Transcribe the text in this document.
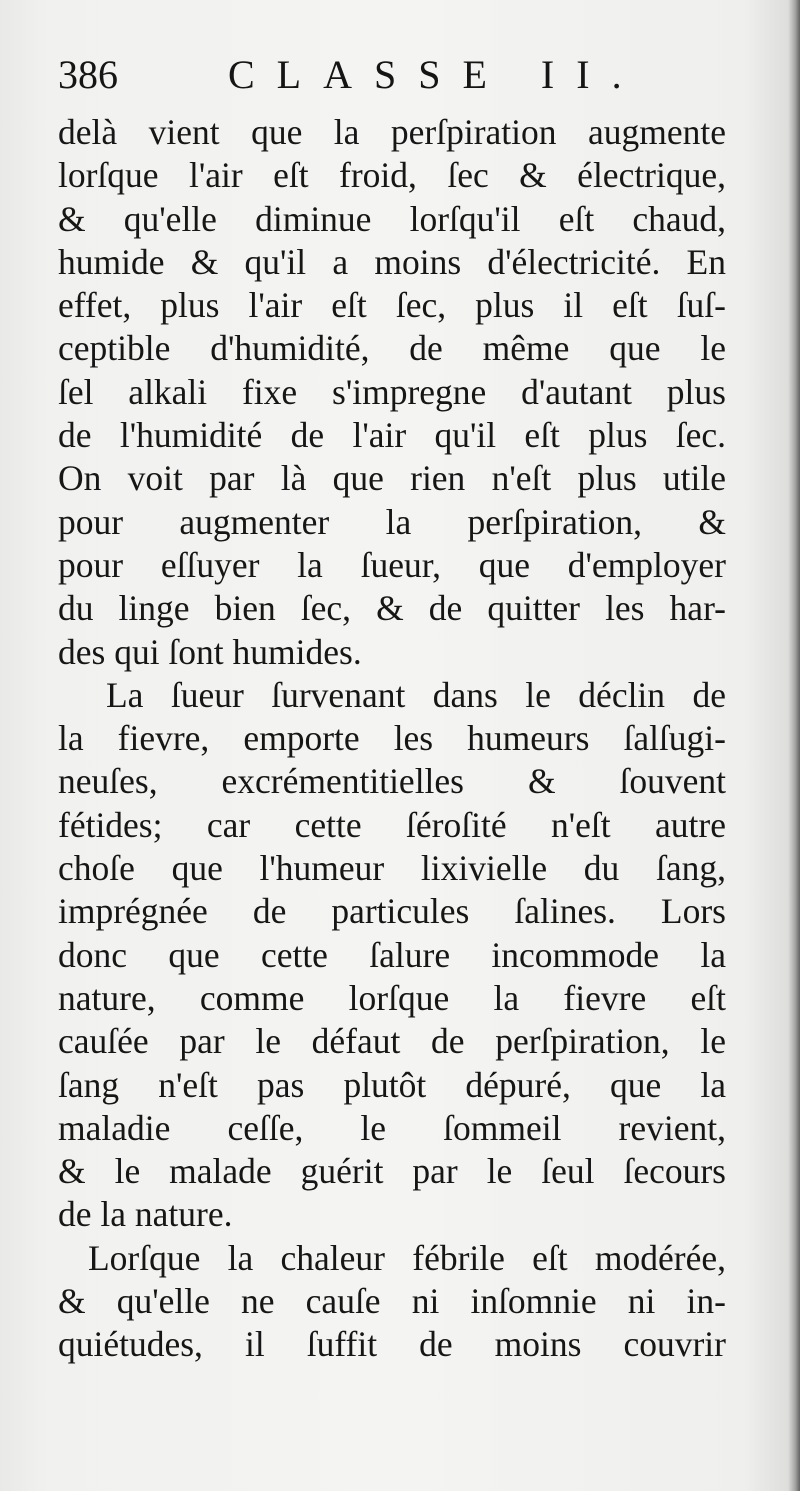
386	CLASSE II.
delà vient que la perſpiration augmente
lorſque l'air eſt froid, ſec & électrique,
& qu'elle diminue lorſqu'il eſt chaud,
humide & qu'il a moins d'électricité. En
effet, plus l'air eſt ſec, plus il eſt ſuſ-
ceptible d'humidité, de même que le
ſel alkali fixe s'impregne d'autant plus
de l'humidité de l'air qu'il eſt plus ſec.
On voit par là que rien n'eſt plus utile
pour augmenter la perſpiration, &
pour eſſuyer la ſueur, que d'employer
du linge bien ſec, & de quitter les har-
des qui ſont humides.
La ſueur ſurvenant dans le déclin de
la fievre, emporte les humeurs ſalſugi-
neuſes, excrémentitielles & ſouvent
fétides; car cette ſéroſité n'eſt autre
choſe que l'humeur lixivielle du ſang,
imprégnée de particules ſalines. Lors
donc que cette ſalure incommode la
nature, comme lorſque la fievre eſt
cauſée par le défaut de perſpiration, le
ſang n'eſt pas plutôt dépuré, que la
maladie ceſſe, le ſommeil revient,
& le malade guérit par le ſeul ſecours
de la nature.
Lorſque la chaleur fébrile eſt modérée,
& qu'elle ne cauſe ni inſomnie ni in-
quiétudes, il ſuffit de moins couvrir
